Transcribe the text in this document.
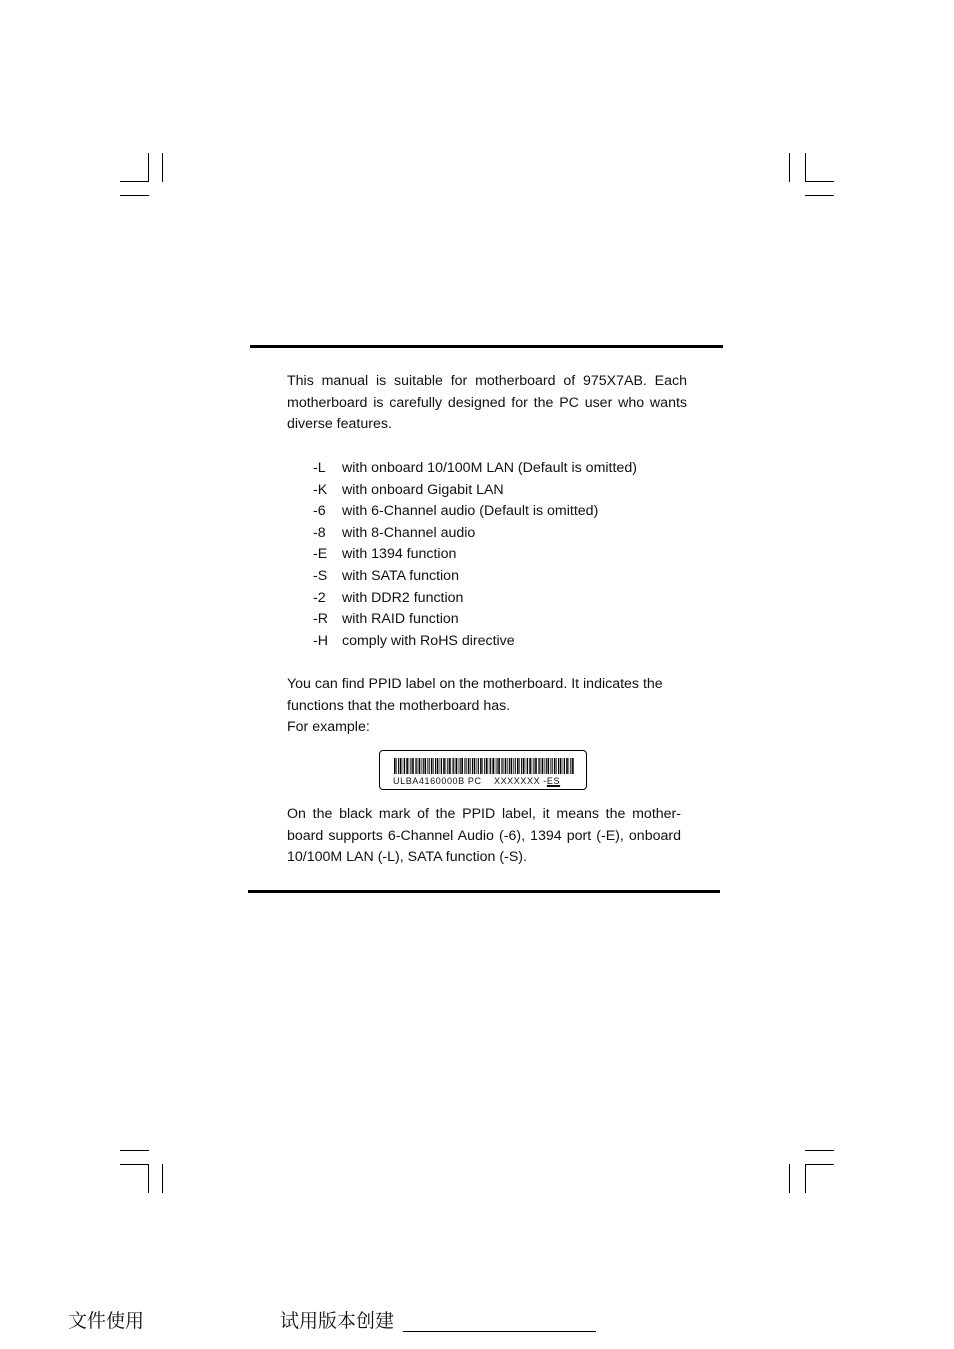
This manual is suitable for motherboard of 975X7AB. Each motherboard is carefully designed for the PC user who wants diverse features.

-L with onboard 10/100M LAN (Default is omitted)
-K with onboard Gigabit LAN
-6 with 6-Channel audio (Default is omitted)
-8 with 8-Channel audio
-E with 1394 function
-S with SATA function
-2 with DDR2 function
-R with RAID function
-H comply with RoHS directive

You can find PPID label on the motherboard. It indicates the functions that the motherboard has.

For example:

ULBA4160000B PC XXXXXXX -ES

On the black mark of the PPID label, it means the mother-board supports 6-Channel Audio (-6), 1394 port (-E), onboard 10/100M LAN (-L), SATA function (-S).

文件使用	试用版本创建
